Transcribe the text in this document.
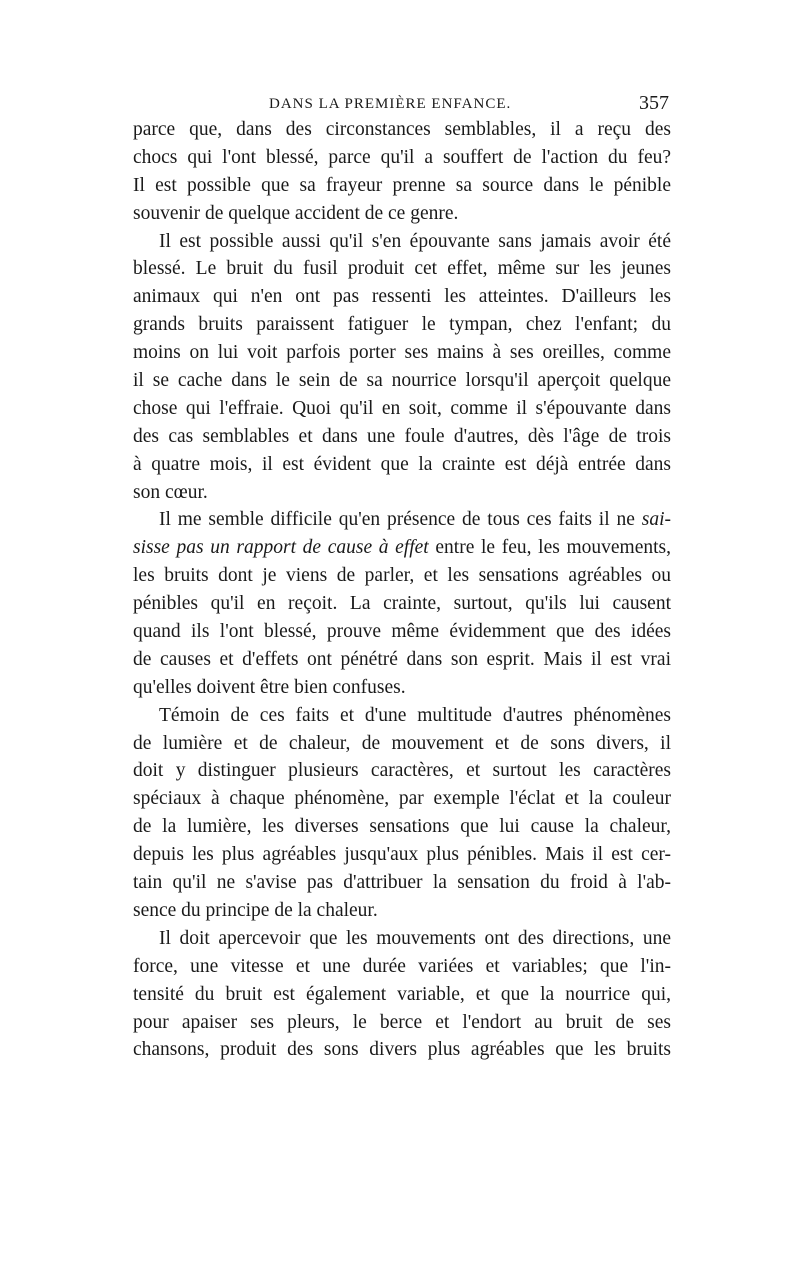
DANS LA PREMIÈRE ENFANCE.	357
parce que, dans des circonstances semblables, il a reçu des
chocs qui l'ont blessé, parce qu'il a souffert de l'action du feu?
Il est possible que sa frayeur prenne sa source dans le pénible
souvenir de quelque accident de ce genre.
Il est possible aussi qu'il s'en épouvante sans jamais avoir été
blessé. Le bruit du fusil produit cet effet, même sur les jeunes
animaux qui n'en ont pas ressenti les atteintes. D'ailleurs les
grands bruits paraissent fatiguer le tympan, chez l'enfant; du
moins on lui voit parfois porter ses mains à ses oreilles, comme
il se cache dans le sein de sa nourrice lorsqu'il aperçoit quelque
chose qui l'effraie. Quoi qu'il en soit, comme il s'épouvante dans
des cas semblables et dans une foule d'autres, dès l'âge de trois
à quatre mois, il est évident que la crainte est déjà entrée dans
son cœur.
Il me semble difficile qu'en présence de tous ces faits il ne sai-
sisse pas un rapport de cause à effet entre le feu, les mouvements,
les bruits dont je viens de parler, et les sensations agréables ou
pénibles qu'il en reçoit. La crainte, surtout, qu'ils lui causent
quand ils l'ont blessé, prouve même évidemment que des idées
de causes et d'effets ont pénétré dans son esprit. Mais il est vrai
qu'elles doivent être bien confuses.
Témoin de ces faits et d'une multitude d'autres phénomènes
de lumière et de chaleur, de mouvement et de sons divers, il
doit y distinguer plusieurs caractères, et surtout les caractères
spéciaux à chaque phénomène, par exemple l'éclat et la couleur
de la lumière, les diverses sensations que lui cause la chaleur,
depuis les plus agréables jusqu'aux plus pénibles. Mais il est cer-
tain qu'il ne s'avise pas d'attribuer la sensation du froid à l'ab-
sence du principe de la chaleur.
Il doit apercevoir que les mouvements ont des directions, une
force, une vitesse et une durée variées et variables; que l'in-
tensité du bruit est également variable, et que la nourrice qui,
pour apaiser ses pleurs, le berce et l'endort au bruit de ses
chansons, produit des sons divers plus agréables que les bruits
